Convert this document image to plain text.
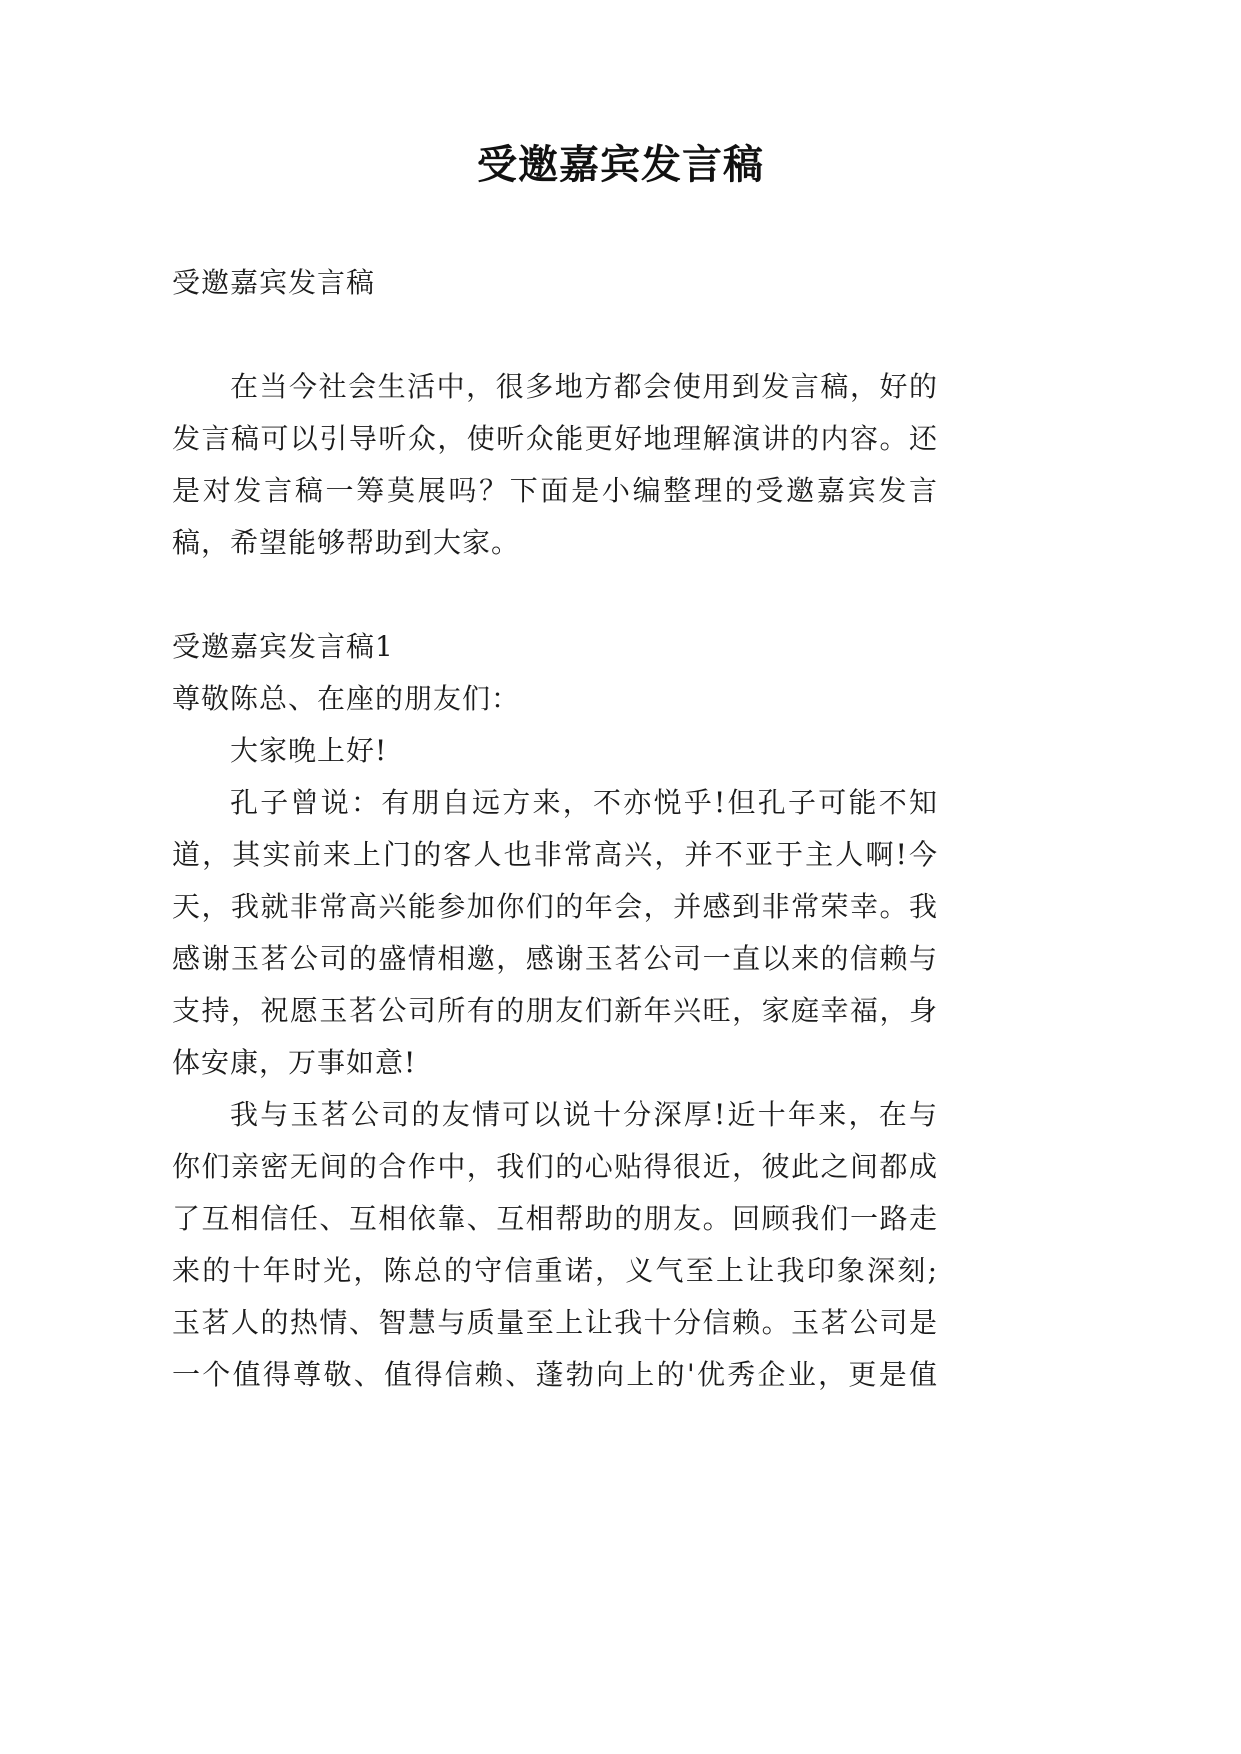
受邀嘉宾发言稿
受邀嘉宾发言稿
在当今社会生活中，很多地方都会使用到发言稿，好的
发言稿可以引导听众，使听众能更好地理解演讲的内容。还
是对发言稿一筹莫展吗？下面是小编整理的受邀嘉宾发言
稿，希望能够帮助到大家。
受邀嘉宾发言稿1
尊敬陈总、在座的朋友们：
大家晚上好!
孔子曾说：有朋自远方来，不亦悦乎!但孔子可能不知
道，其实前来上门的客人也非常高兴，并不亚于主人啊!今
天，我就非常高兴能参加你们的年会，并感到非常荣幸。我
感谢玉茗公司的盛情相邀，感谢玉茗公司一直以来的信赖与
支持，祝愿玉茗公司所有的朋友们新年兴旺，家庭幸福，身
体安康，万事如意!
我与玉茗公司的友情可以说十分深厚!近十年来，在与
你们亲密无间的合作中，我们的心贴得很近，彼此之间都成
了互相信任、互相依靠、互相帮助的朋友。回顾我们一路走
来的十年时光，陈总的守信重诺，义气至上让我印象深刻;
玉茗人的热情、智慧与质量至上让我十分信赖。玉茗公司是
一个值得尊敬、值得信赖、蓬勃向上的'优秀企业，更是值
